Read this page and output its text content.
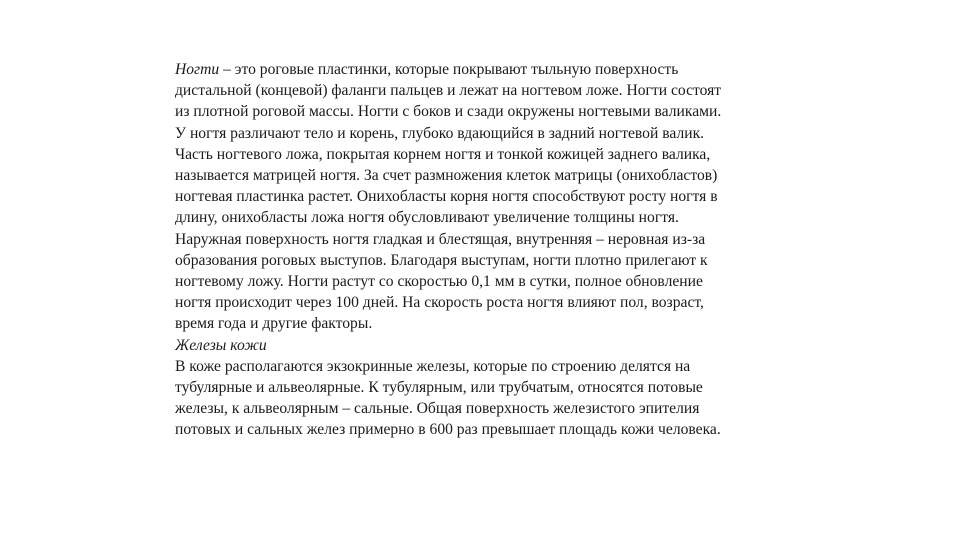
Ногти – это роговые пластинки, которые покрывают тыльную поверхность
дистальной (концевой) фаланги пальцев и лежат на ногтевом ложе. Ногти состоят
из плотной роговой массы. Ногти с боков и сзади окружены ногтевыми валиками.
У ногтя различают тело и корень, глубоко вдающийся в задний ногтевой валик.
Часть ногтевого ложа, покрытая корнем ногтя и тонкой кожицей заднего валика,
называется матрицей ногтя. За счет размножения клеток матрицы (онихобластов)
ногтевая пластинка растет. Онихобласты корня ногтя способствуют росту ногтя в
длину, онихобласты ложа ногтя обусловливают увеличение толщины ногтя.
Наружная поверхность ногтя гладкая и блестящая, внутренняя – неровная из-за
образования роговых выступов. Благодаря выступам, ногти плотно прилегают к
ногтевому ложу. Ногти растут со скоростью 0,1 мм в сутки, полное обновление
ногтя происходит через 100 дней. На скорость роста ногтя влияют пол, возраст,
время года и другие факторы.
Железы кожи
В коже располагаются экзокринные железы, которые по строению делятся на
тубулярные и альвеолярные. К тубулярным, или трубчатым, относятся потовые
железы, к альвеолярным – сальные. Общая поверхность железистого эпителия
потовых и сальных желез примерно в 600 раз превышает площадь кожи человека.
